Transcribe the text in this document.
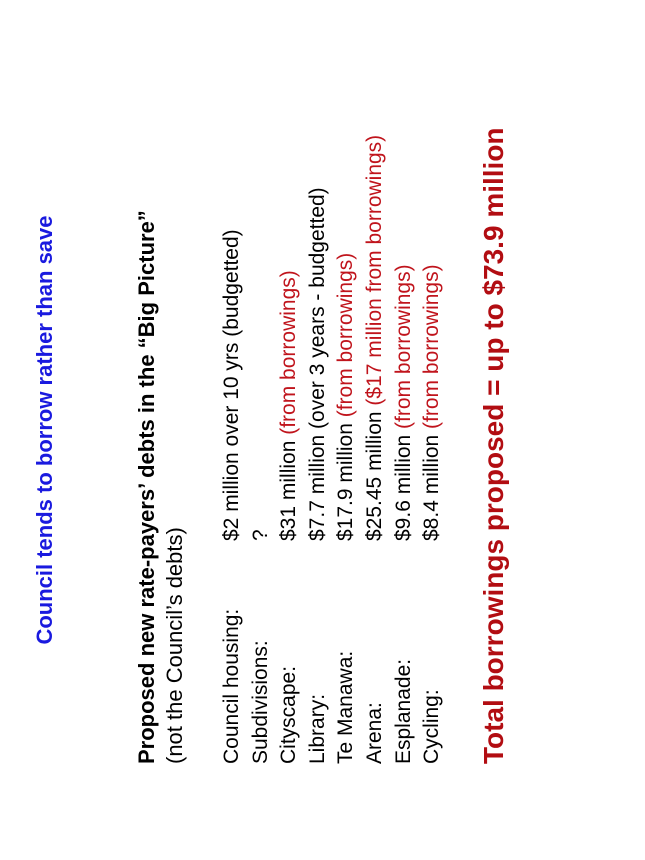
Council tends to borrow rather than save	Proposed new rate-payers’ debts in the “Big Picture” (not the Council’s debts) Council housing:
$2 million over 10 yrs (budgetted)
Subdivisions:
?
Cityscape:
$31 million (from borrowings)
Library:
$7.7 million (over 3 years - budgetted)
Te Manawa:
$17.9 million (from borrowings)
Arena:
$25.45 million ($17 million from borrowings)
Esplanade:
$9.6 million (from borrowings)
Cycling:
$8.4 million (from borrowings) Total borrowings proposed = up to $73.9 million
